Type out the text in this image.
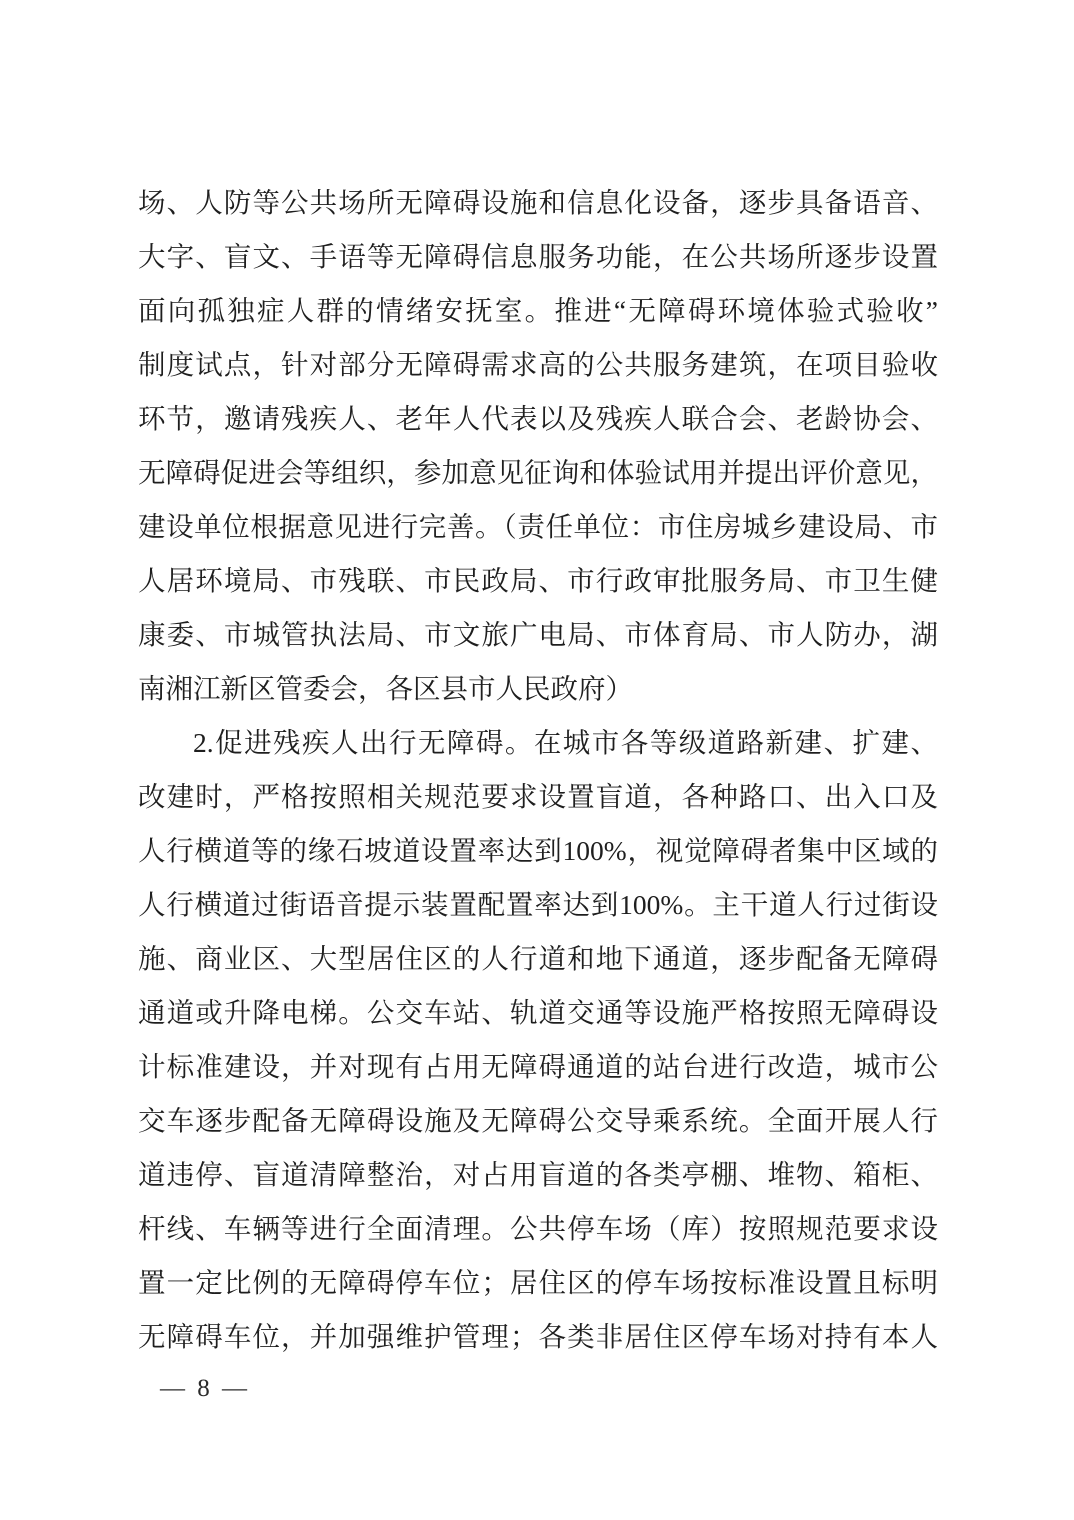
场、人防等公共场所无障碍设施和信息化设备，逐步具备语音、
大字、盲文、手语等无障碍信息服务功能，在公共场所逐步设置
面向孤独症人群的情绪安抚室。推进“无障碍环境体验式验收”
制度试点，针对部分无障碍需求高的公共服务建筑，在项目验收
环节，邀请残疾人、老年人代表以及残疾人联合会、老龄协会、
无障碍促进会等组织，参加意见征询和体验试用并提出评价意见，
建设单位根据意见进行完善。（责任单位：市住房城乡建设局、市
人居环境局、市残联、市民政局、市行政审批服务局、市卫生健
康委、市城管执法局、市文旅广电局、市体育局、市人防办，湖
南湘江新区管委会，各区县市人民政府）
2.促进残疾人出行无障碍。在城市各等级道路新建、扩建、
改建时，严格按照相关规范要求设置盲道，各种路口、出入口及
人行横道等的缘石坡道设置率达到100%，视觉障碍者集中区域的
人行横道过街语音提示装置配置率达到100%。主干道人行过街设
施、商业区、大型居住区的人行道和地下通道，逐步配备无障碍
通道或升降电梯。公交车站、轨道交通等设施严格按照无障碍设
计标准建设，并对现有占用无障碍通道的站台进行改造，城市公
交车逐步配备无障碍设施及无障碍公交导乘系统。全面开展人行
道违停、盲道清障整治，对占用盲道的各类亭棚、堆物、箱柜、
杆线、车辆等进行全面清理。公共停车场（库）按照规范要求设
置一定比例的无障碍停车位；居住区的停车场按标准设置且标明
无障碍车位，并加强维护管理；各类非居住区停车场对持有本人
— 8 —
